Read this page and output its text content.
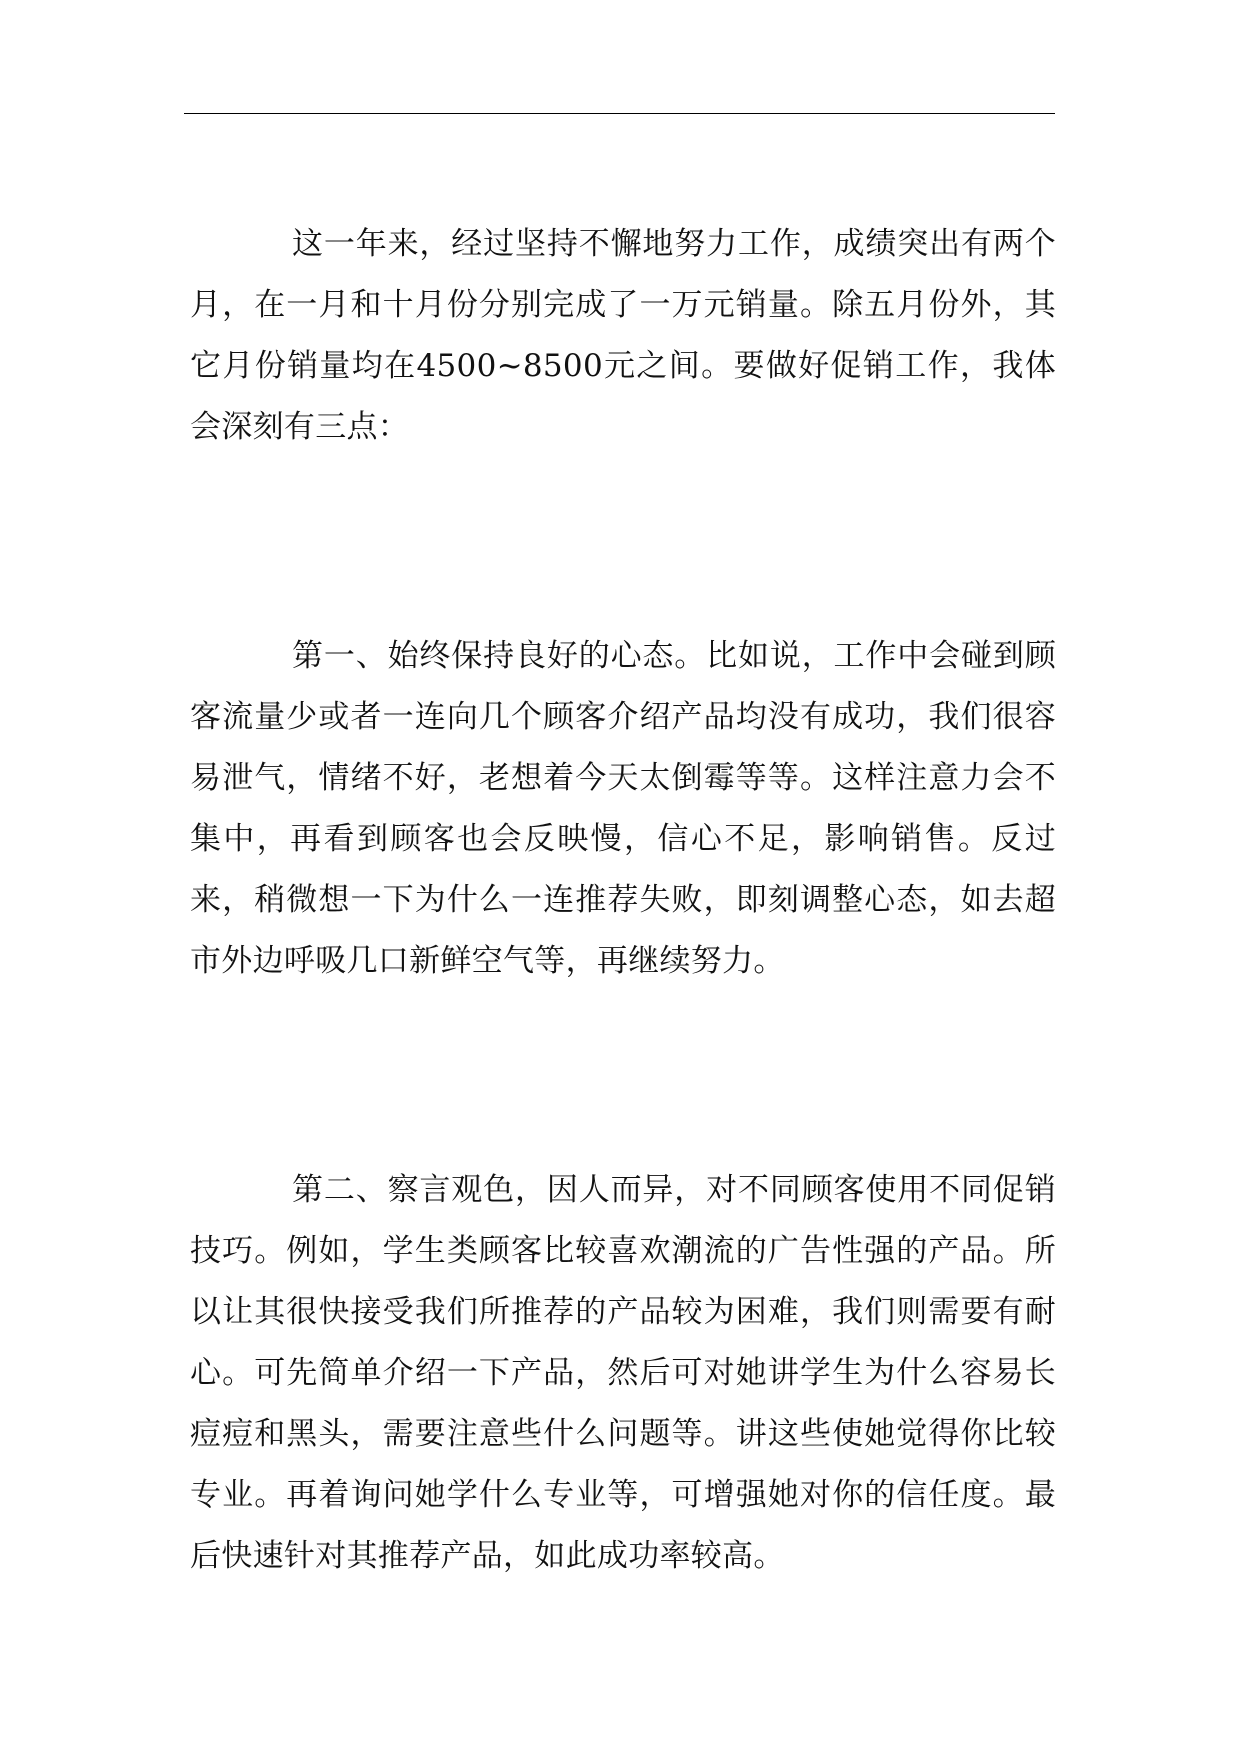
这一年来，经过坚持不懈地努力工作，成绩突出有两个月，在一月和十月份分别完成了一万元销量。除五月份外，其它月份销量均在4500~8500元之间。要做好促销工作，我体会深刻有三点：

第一、始终保持良好的心态。比如说，工作中会碰到顾客流量少或者一连向几个顾客介绍产品均没有成功，我们很容易泄气，情绪不好，老想着今天太倒霉等等。这样注意力会不集中，再看到顾客也会反映慢，信心不足，影响销售。反过来，稍微想一下为什么一连推荐失败，即刻调整心态，如去超市外边呼吸几口新鲜空气等，再继续努力。

第二、察言观色，因人而异，对不同顾客使用不同促销技巧。例如，学生类顾客比较喜欢潮流的广告性强的产品。所以让其很快接受我们所推荐的产品较为困难，我们则需要有耐心。可先简单介绍一下产品，然后可对她讲学生为什么容易长痘痘和黑头，需要注意些什么问题等。讲这些使她觉得你比较专业。再着询问她学什么专业等，可增强她对你的信任度。最后快速针对其推荐产品，如此成功率较高。
